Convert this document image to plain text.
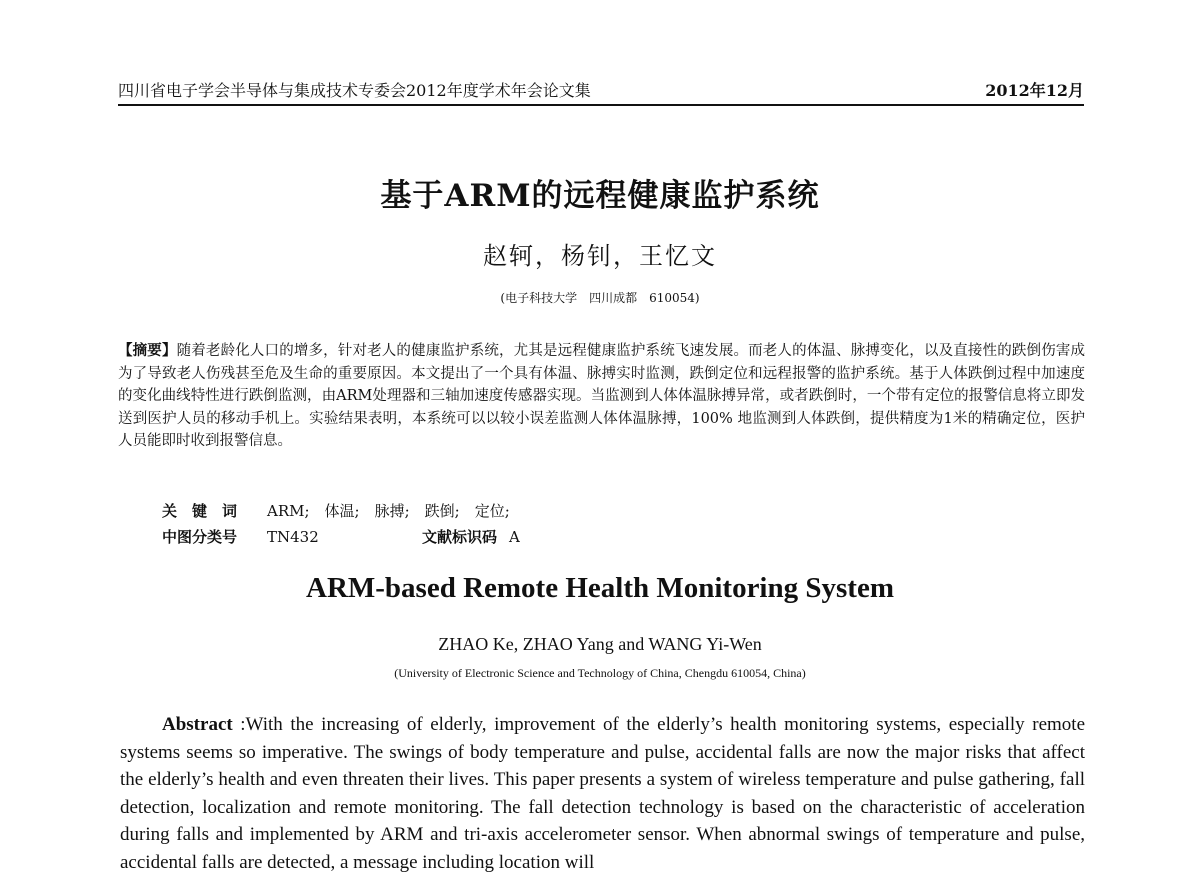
四川省电子学会半导体与集成技术专委会2012年度学术年会论文集	2012年12月
基于ARM的远程健康监护系统
赵轲，杨钊，王忆文
(电子科技大学　四川成都　610054)
【摘要】随着老龄化人口的增多，针对老人的健康监护系统，尤其是远程健康监护系统飞速发展。而老人的体温、脉搏变化，以及直接性的跌倒伤害成为了导致老人伤残甚至危及生命的重要原因。本文提出了一个具有体温、脉搏实时监测，跌倒定位和远程报警的监护系统。基于人体跌倒过程中加速度的变化曲线特性进行跌倒监测，由ARM处理器和三轴加速度传感器实现。当监测到人体体温脉搏异常，或者跌倒时，一个带有定位的报警信息将立即发送到医护人员的移动手机上。实验结果表明，本系统可以以较小误差监测人体体温脉搏，100% 地监测到人体跌倒，提供精度为1米的精确定位，医护人员能即时收到报警信息。
关　键　词 ARM;　体温;　脉搏;　跌倒;　定位;
中图分类号 TN432	文献标识码 A
ARM-based Remote Health Monitoring System
ZHAO Ke, ZHAO Yang and WANG Yi-Wen
(University of Electronic Science and Technology of China, Chengdu 610054, China)
Abstract :With the increasing of elderly, improvement of the elderly’s health monitoring systems, especially remote systems seems so imperative. The swings of body temperature and pulse, accidental falls are now the major risks that affect the elderly’s health and even threaten their lives. This paper presents a system of wireless temperature and pulse gathering, fall detection, localization and remote monitoring. The fall detection technology is based on the characteristic of acceleration during falls and implemented by ARM and tri-axis accelerometer sensor. When abnormal swings of temperature and pulse, accidental falls are detected, a message including location will
